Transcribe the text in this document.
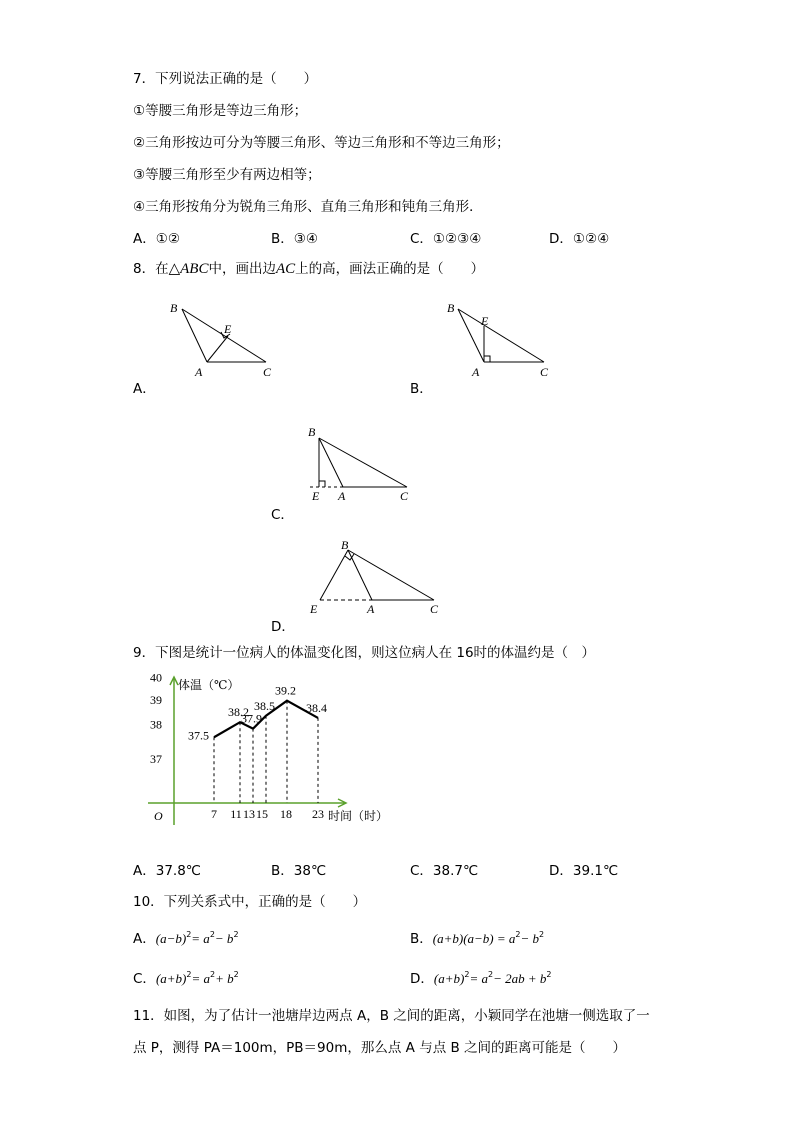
7．下列说法正确的是（　　）
①等腰三角形是等边三角形；
②三角形按边可分为等腰三角形、等边三角形和不等边三角形；
③等腰三角形至少有两边相等；
④三角形按角分为锐角三角形、直角三角形和钝角三角形．
A．①②	B．③④	C．①②③④	D．①②④
8．在△ABC中，画出边AC上的高，画法正确的是（　　）
A．	B．
C．
D．
B
E
A	C
B
E
A	C
B
E A	C
B
E	A	C
9．下图是统计一位病人的体温变化图，则这位病人在 16时的体温约是（　）
37.5
38.2
37.9
38.5
39.2
38.4
7 11 13 15 18 23
37
38
39
40
体温（℃）
时间（时）
O
A．37.8℃	B．38℃	C．38.7℃	D．39.1℃
10．下列关系式中，正确的是（　　）
A．$(a-b)^2= a^2- b^2$	B．$(a+b)(a-b) = a^2- b^2$
C．$(a+b)^2= a^2+ b^2$	D．$(a+b)^2= a^2- 2ab + b^2$
11．如图，为了估计一池塘岸边两点 A，B 之间的距离，小颖同学在池塘一侧选取了一
点 P，测得 PA＝100m，PB＝90m，那么点 A 与点 B 之间的距离可能是（　　）
